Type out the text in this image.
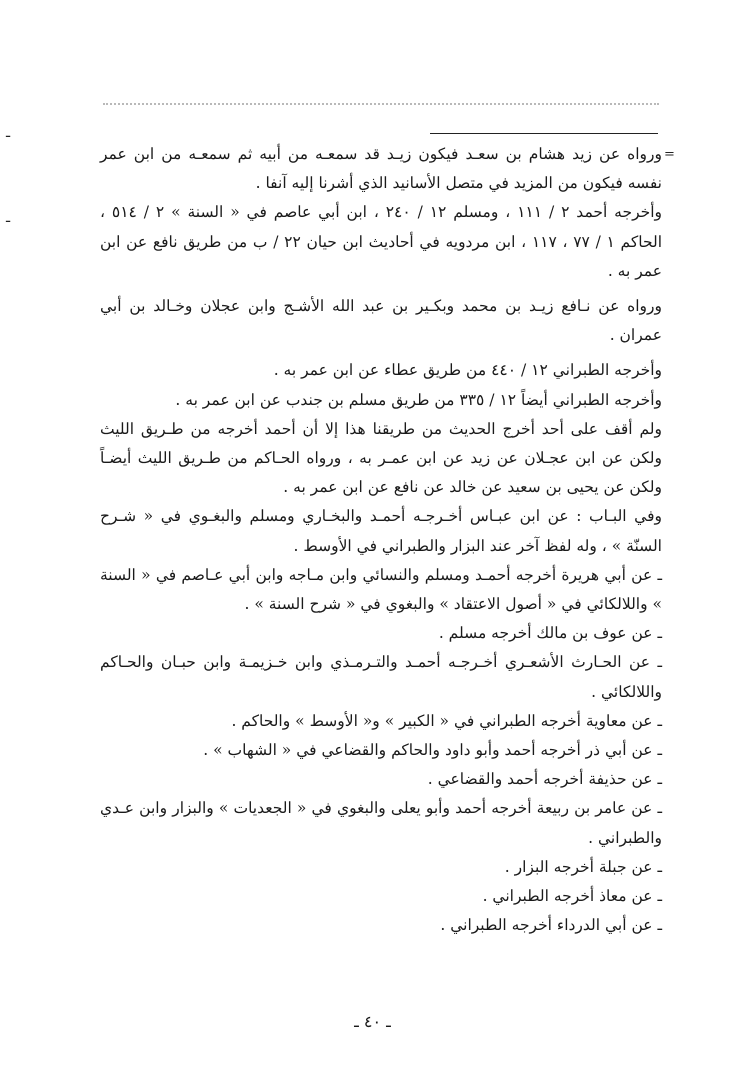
ـ
ـ
=

ورواه عن زيد هشام بن سعـد فيكون زيـد قد سمعـه من أبيه ثم سمعـه من ابن عمر نفسه فيكون من المزيد في متصل الأسانيد الذي أشرنا إليه آنفا .

وأخرجه أحمد ٢ / ١١١ ، ومسلم ١٢ / ٢٤٠ ، ابن أبي عاصم في « السنة » ٢ / ٥١٤ ، الحاكم ١ / ٧٧ ، ١١٧ ، ابن مردويه في أحاديث ابن حيان ٢٢ / ب من طريق نافع عن ابن عمر به .

ورواه عن نـافع زيـد بن محمد وبكـير بن عبد الله الأشـج وابن عجلان وخـالد بن أبي عمران .

وأخرجه الطبراني ١٢ / ٤٤٠ من طريق عطاء عن ابن عمر به .

وأخرجه الطبراني أيضاً ١٢ / ٣٣٥ من طريق مسلم بن جندب عن ابن عمر به .

ولم أقف على أحد أخرج الحديث من طريقنا هذا إلا أن أحمد أخرجه من طـريق الليث ولكن عن ابن عجـلان عن زيد عن ابن عمـر به ، ورواه الحـاكم من طـريق الليث أيضـاً ولكن عن يحيى بن سعيد عن خالد عن نافع عن ابن عمر به .

وفي البـاب : عن ابن عبـاس أخـرجـه أحمـد والبخـاري ومسلم والبغـوي في « شـرح السنّة » ، وله لفظ آخر عند البزار والطبراني في الأوسط .

ـ عن أبي هريرة أخرجه أحمـد ومسلم والنسائي وابن مـاجه وابن أبي عـاصم في « السنة » واللالكائي في « أصول الاعتقاد » والبغوي في « شرح السنة » .

ـ عن عوف بن مالك أخرجه مسلم .

ـ عن الحـارث الأشعـري أخـرجـه أحمـد والتـرمـذي وابن خـزيمـة وابن حبـان والحـاكم واللالكائي .

ـ عن معاوية أخرجه الطبراني في « الكبير » و« الأوسط » والحاكم .

ـ عن أبي ذر أخرجه أحمد وأبو داود والحاكم والقضاعي في « الشهاب » .

ـ عن حذيفة أخرجه أحمد والقضاعي .

ـ عن عامر بن ربيعة أخرجه أحمد وأبو يعلى والبغوي في « الجعديات » والبزار وابن عـدي والطبراني .

ـ عن جبلة أخرجه البزار .

ـ عن معاذ أخرجه الطبراني .

ـ عن أبي الدرداء أخرجه الطبراني .

ـ ٤٠ ـ
